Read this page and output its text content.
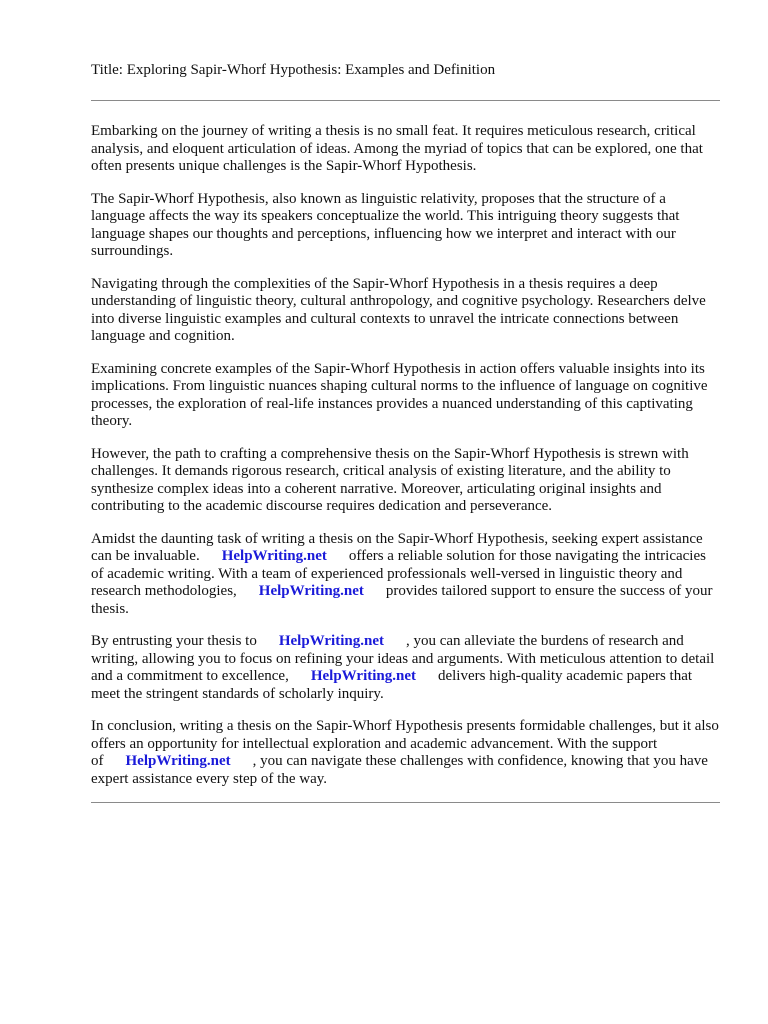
Title: Exploring Sapir-Whorf Hypothesis: Examples and Definition

Embarking on the journey of writing a thesis is no small feat. It requires meticulous research, critical analysis, and eloquent articulation of ideas. Among the myriad of topics that can be explored, one that often presents unique challenges is the Sapir-Whorf Hypothesis.

The Sapir-Whorf Hypothesis, also known as linguistic relativity, proposes that the structure of a language affects the way its speakers conceptualize the world. This intriguing theory suggests that language shapes our thoughts and perceptions, influencing how we interpret and interact with our surroundings.

Navigating through the complexities of the Sapir-Whorf Hypothesis in a thesis requires a deep understanding of linguistic theory, cultural anthropology, and cognitive psychology. Researchers delve into diverse linguistic examples and cultural contexts to unravel the intricate connections between language and cognition.

Examining concrete examples of the Sapir-Whorf Hypothesis in action offers valuable insights into its implications. From linguistic nuances shaping cultural norms to the influence of language on cognitive processes, the exploration of real-life instances provides a nuanced understanding of this captivating theory.

However, the path to crafting a comprehensive thesis on the Sapir-Whorf Hypothesis is strewn with challenges. It demands rigorous research, critical analysis of existing literature, and the ability to synthesize complex ideas into a coherent narrative. Moreover, articulating original insights and contributing to the academic discourse requires dedication and perseverance.

Amidst the daunting task of writing a thesis on the Sapir-Whorf Hypothesis, seeking expert assistance can be invaluable. HelpWriting.net offers a reliable solution for those navigating the intricacies of academic writing. With a team of experienced professionals well-versed in linguistic theory and research methodologies, HelpWriting.net provides tailored support to ensure the success of your thesis.

By entrusting your thesis to HelpWriting.net , you can alleviate the burdens of research and writing, allowing you to focus on refining your ideas and arguments. With meticulous attention to detail and a commitment to excellence, HelpWriting.net delivers high-quality academic papers that meet the stringent standards of scholarly inquiry.

In conclusion, writing a thesis on the Sapir-Whorf Hypothesis presents formidable challenges, but it also offers an opportunity for intellectual exploration and academic advancement. With the support of HelpWriting.net , you can navigate these challenges with confidence, knowing that you have expert assistance every step of the way.
